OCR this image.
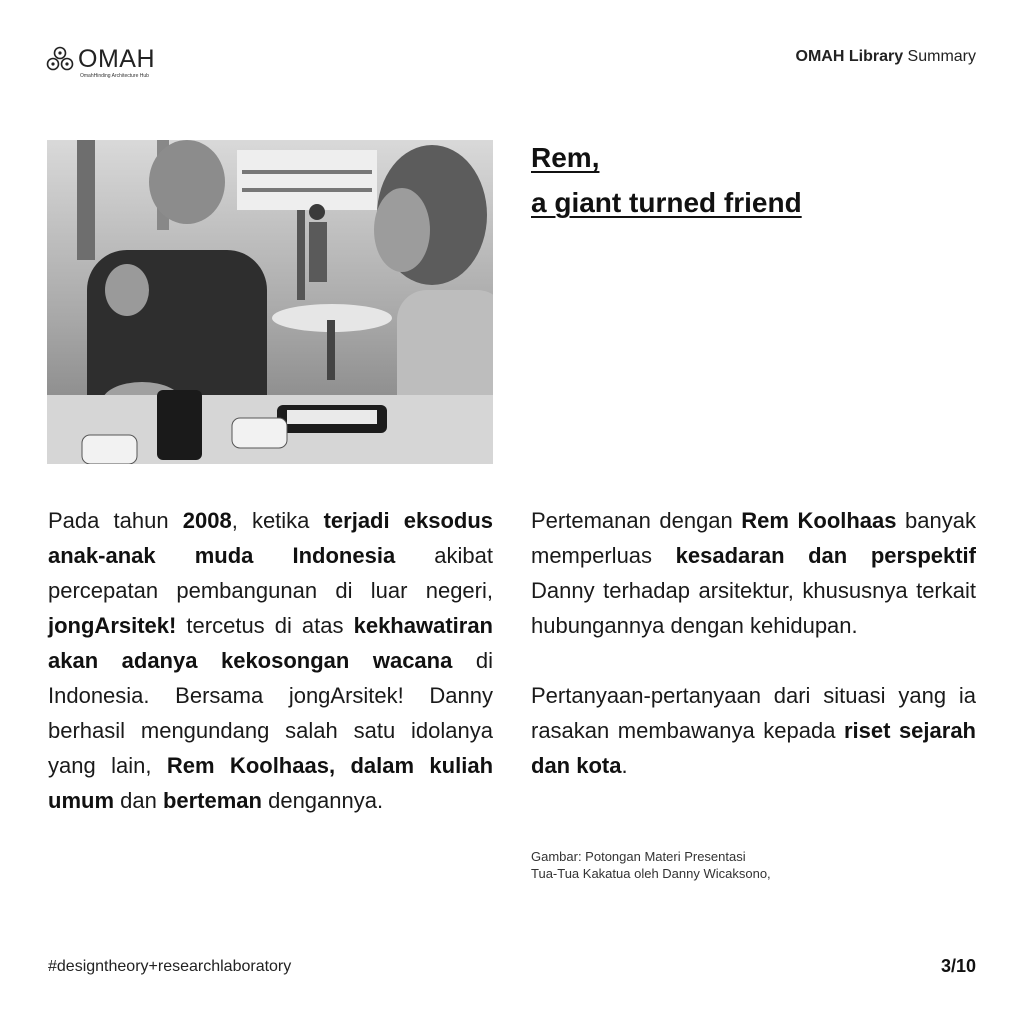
OMAH
OmahHinding Architecture Hub
OMAH Library Summary
Rem,
a giant turned friend

Pada tahun 2008, ketika terjadi eksodus anak-anak muda Indonesia akibat percepatan pembangunan di luar negeri, jongArsitek! tercetus di atas kekhawatiran akan adanya kekosongan wacana di Indonesia. Bersama jongArsitek! Danny berhasil mengundang salah satu idolanya yang lain, Rem Koolhaas, dalam kuliah umum dan berteman dengannya.

Pertemanan dengan Rem Koolhaas banyak memperluas kesadaran dan perspektif Danny terhadap arsitektur, khususnya terkait hubungannya dengan kehidupan.

Pertanyaan-pertanyaan dari situasi yang ia rasakan membawanya kepada riset sejarah dan kota.

Gambar: Potongan Materi Presentasi
Tua-Tua Kakatua oleh Danny Wicaksono,
#designtheory+researchlaboratory	3/10
